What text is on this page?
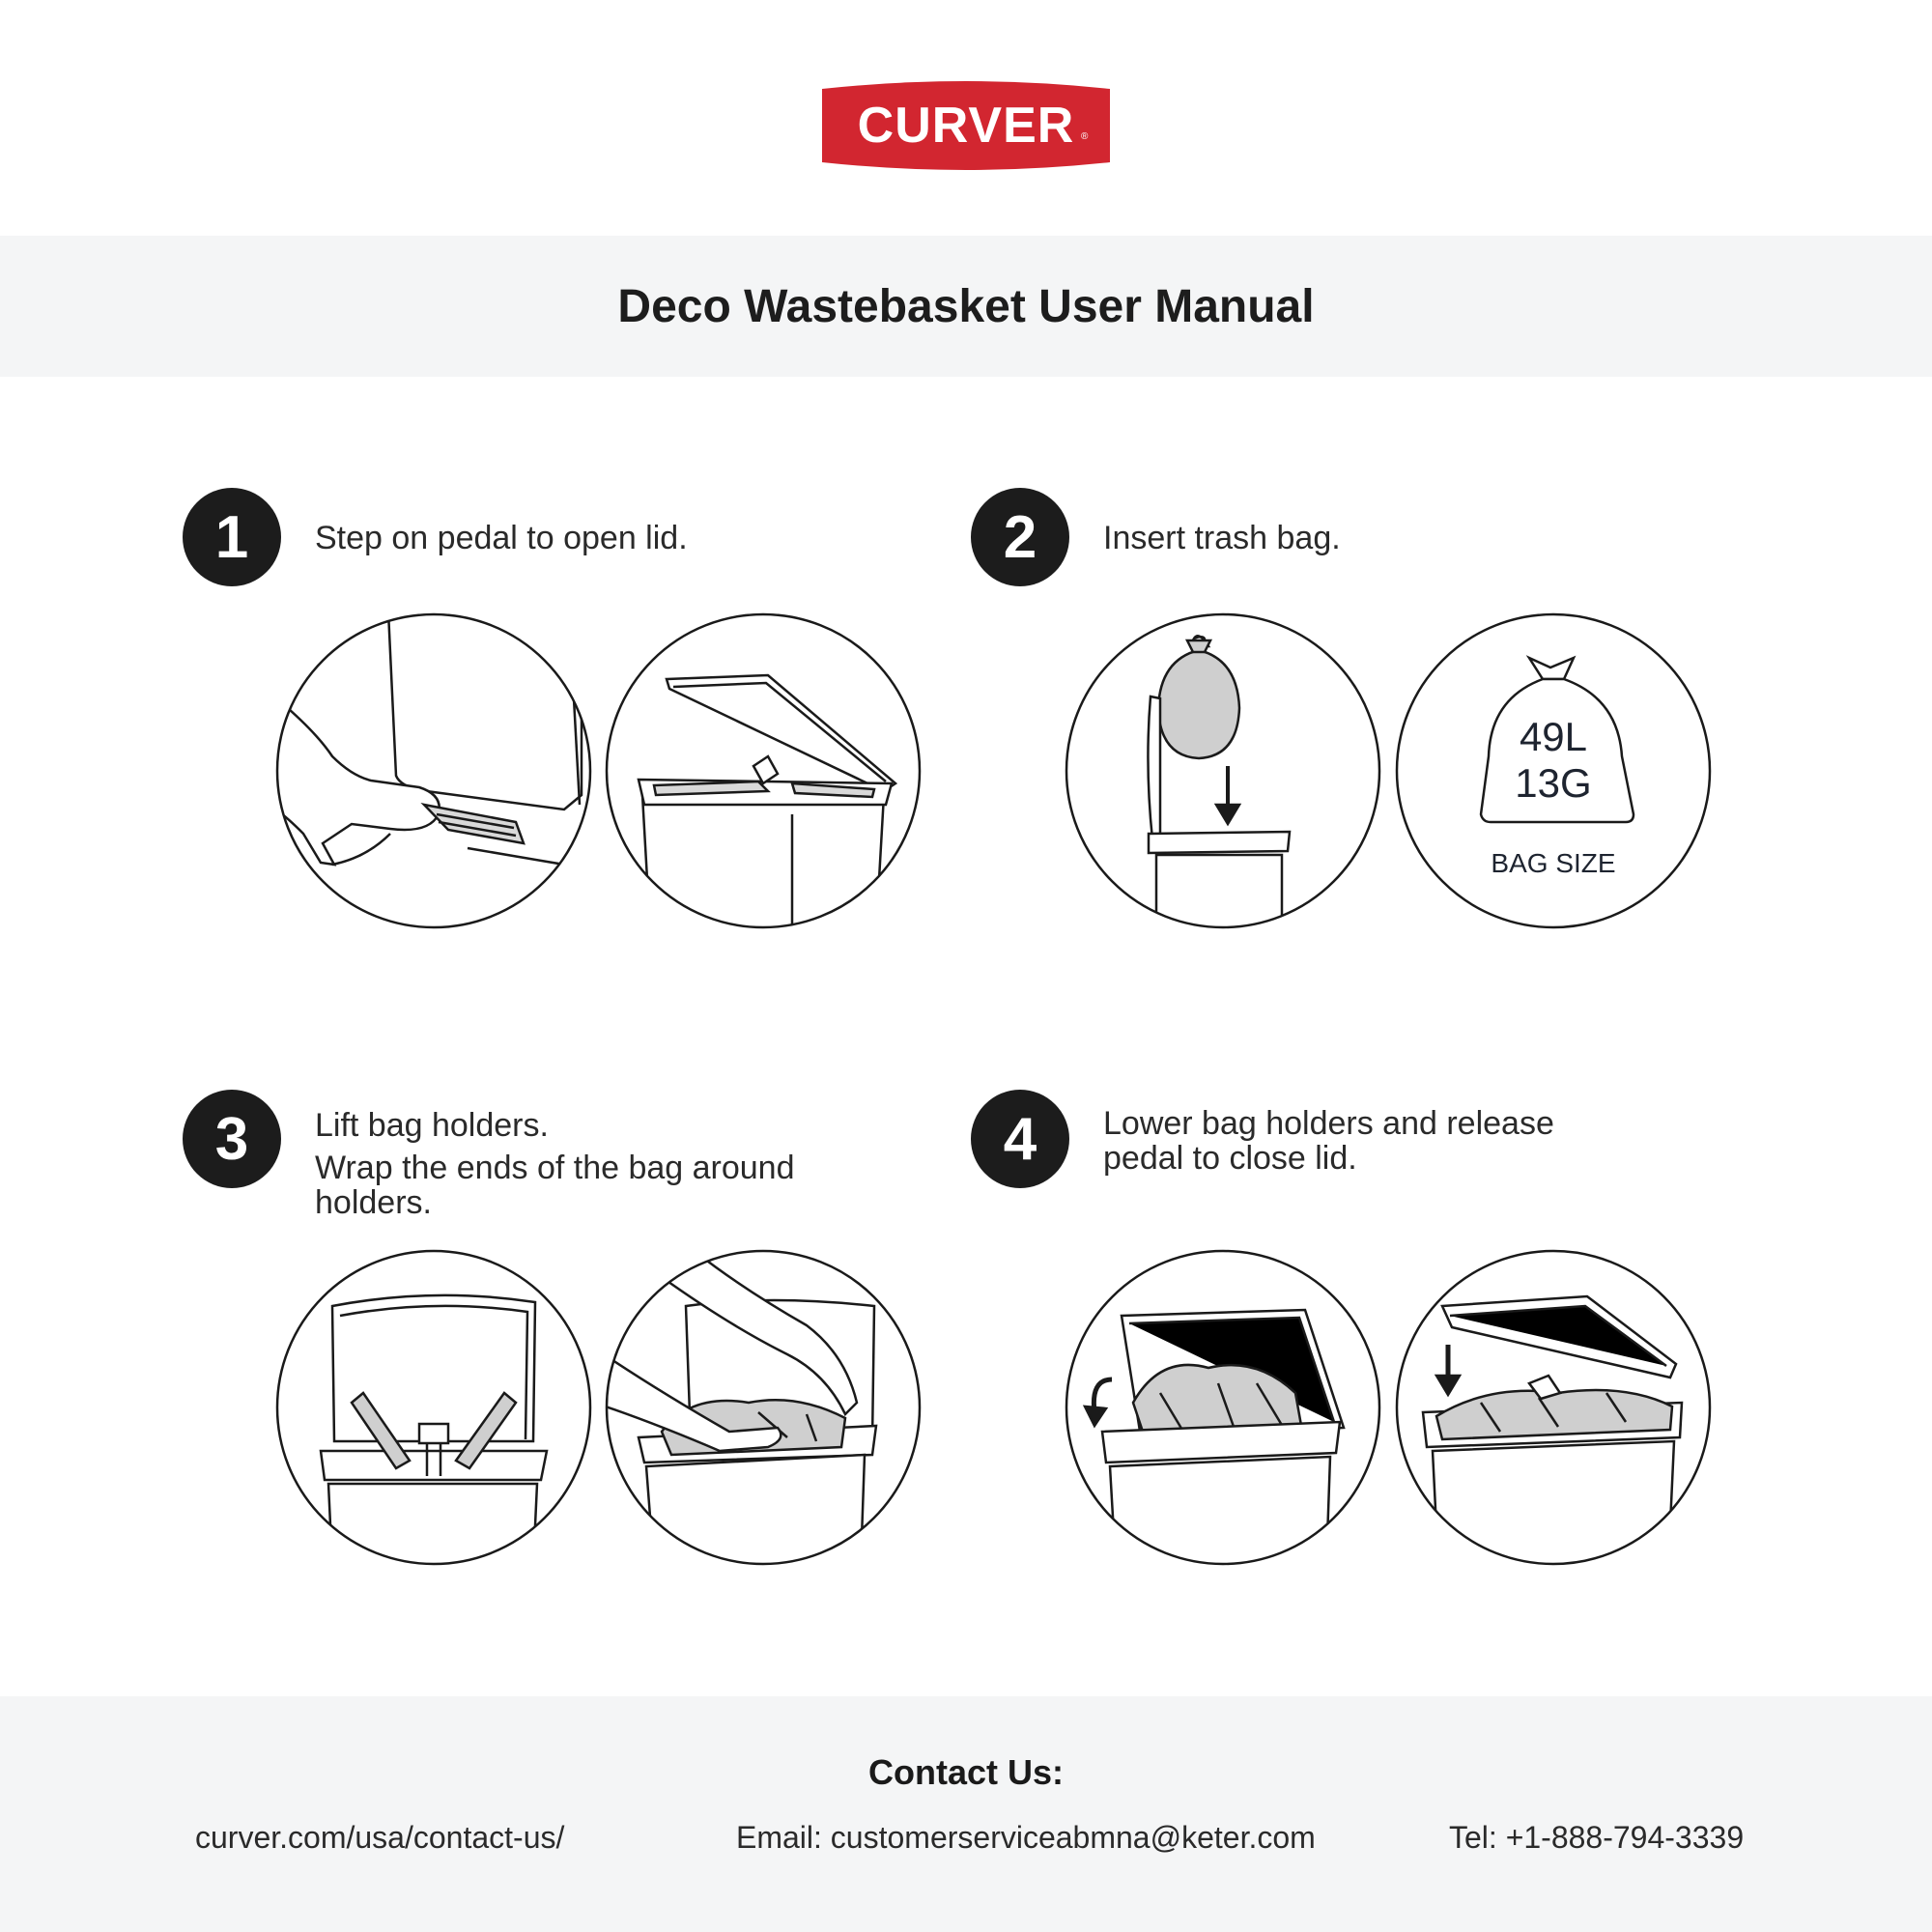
CURVER ®
Deco Wastebasket User Manual
1	Step on pedal to open lid.	2	Insert trash bag.
49L
13G
BAG SIZE
3	Lift bag holders.
Wrap the ends of the bag around
holders.
4	Lower bag holders and release
pedal to close lid.
Contact Us:
curver.com/usa/contact-us/	Email: customerserviceabmna@keter.com	Tel: +1-888-794-3339
